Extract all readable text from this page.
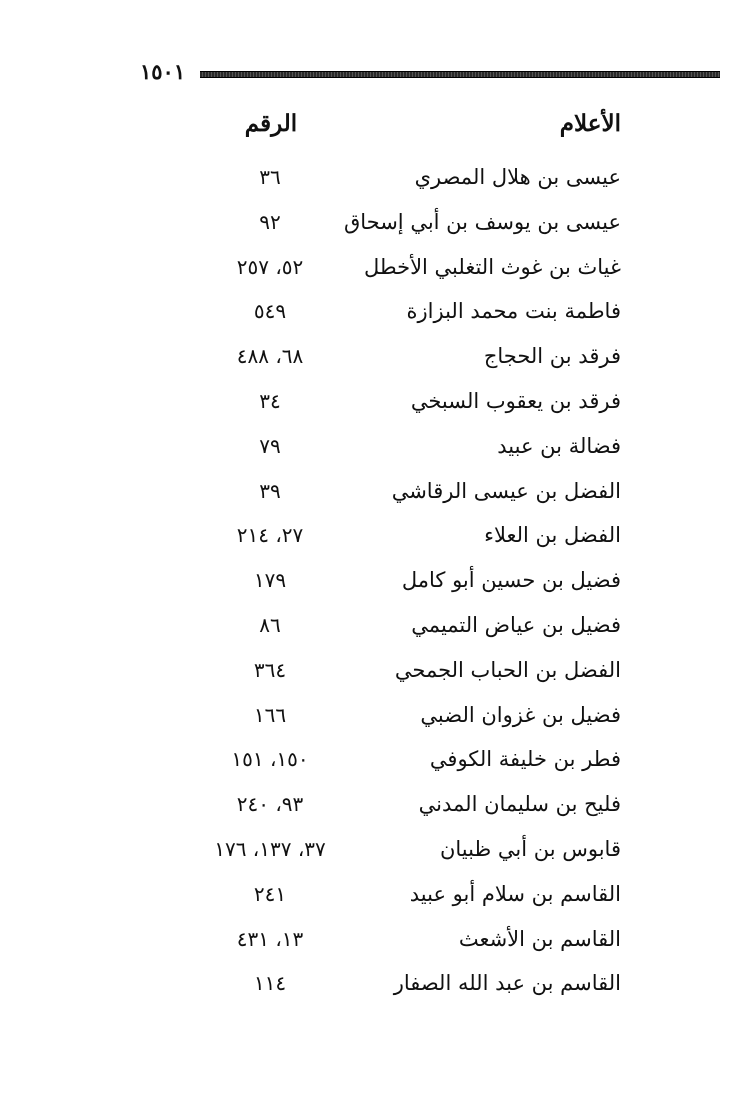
١٥٠١
الأعلام
الرقم
عيسى بن هلال المصري
٣٦
عيسى بن يوسف بن أبي إسحاق
٩٢
غياث بن غوث التغلبي الأخطل
٥٢، ٢٥٧
فاطمة بنت محمد البزازة
٥٤٩
فرقد بن الحجاج
٦٨، ٤٨٨
فرقد بن يعقوب السبخي
٣٤
فضالة بن عبيد
٧٩
الفضل بن عيسى الرقاشي
٣٩
الفضل بن العلاء
٢٧، ٢١٤
فضيل بن حسين أبو كامل
١٧٩
فضيل بن عياض التميمي
٨٦
الفضل بن الحباب الجمحي
٣٦٤
فضيل بن غزوان الضبي
١٦٦
فطر بن خليفة الكوفي
١٥٠، ١٥١
فليح بن سليمان المدني
٩٣، ٢٤٠
قابوس بن أبي ظبيان
٣٧، ١٣٧، ١٧٦
القاسم بن سلام أبو عبيد
٢٤١
القاسم بن الأشعث
١٣، ٤٣١
القاسم بن عبد الله الصفار
١١٤
